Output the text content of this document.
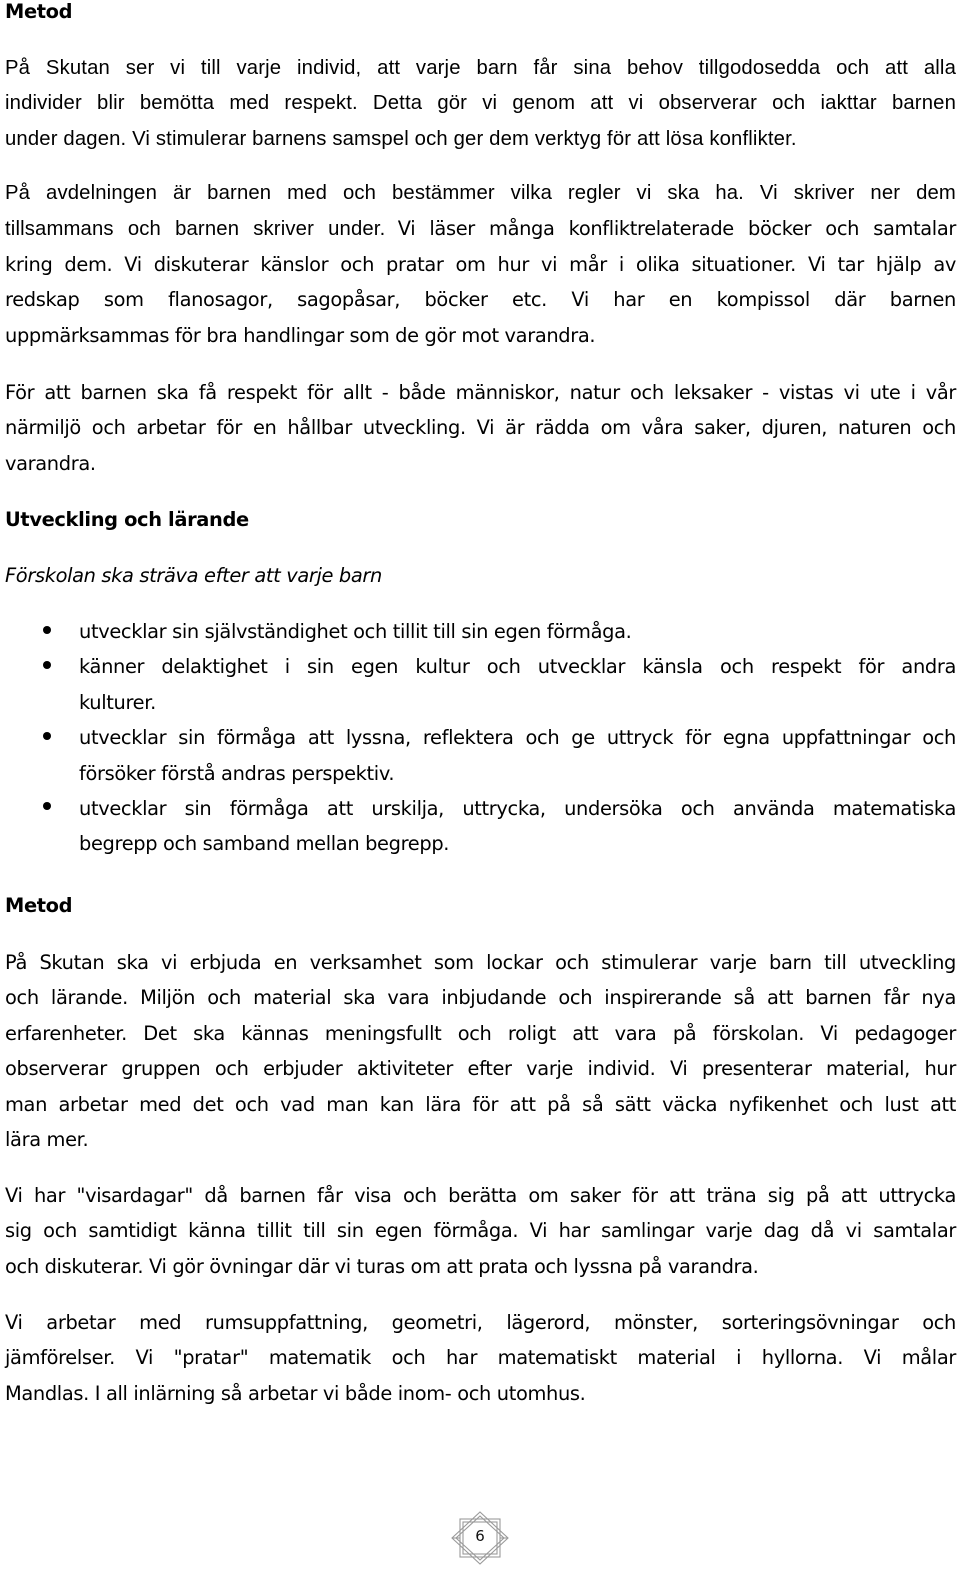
Metod
På Skutan ser vi till varje individ, att varje barn får sina behov tillgodosedda och att alla
individer blir bemötta med respekt. Detta gör vi genom att vi observerar och iakttar barnen
under dagen. Vi stimulerar barnens samspel och ger dem verktyg för att lösa konflikter.
På avdelningen är barnen med och bestämmer vilka regler vi ska ha. Vi skriver ner dem
tillsammans och barnen skriver under. Vi läser många konfliktrelaterade böcker och samtalar
kring dem. Vi diskuterar känslor och pratar om hur vi mår i olika situationer. Vi tar hjälp av
redskap som flanosagor, sagopåsar, böcker etc. Vi har en kompissol där barnen
uppmärksammas för bra handlingar som de gör mot varandra.
För att barnen ska få respekt för allt - både människor, natur och leksaker - vistas vi ute i vår
närmiljö och arbetar för en hållbar utveckling. Vi är rädda om våra saker, djuren, naturen och
varandra.
Utveckling och lärande
Förskolan ska sträva efter att varje barn
utvecklar sin självständighet och tillit till sin egen förmåga.
känner delaktighet i sin egen kultur och utvecklar känsla och respekt för andra
kulturer.
utvecklar sin förmåga att lyssna, reflektera och ge uttryck för egna uppfattningar och
försöker förstå andras perspektiv.
utvecklar sin förmåga att urskilja, uttrycka, undersöka och använda matematiska
begrepp och samband mellan begrepp.
Metod
På Skutan ska vi erbjuda en verksamhet som lockar och stimulerar varje barn till utveckling
och lärande. Miljön och material ska vara inbjudande och inspirerande så att barnen får nya
erfarenheter. Det ska kännas meningsfullt och roligt att vara på förskolan. Vi pedagoger
observerar gruppen och erbjuder aktiviteter efter varje individ. Vi presenterar material, hur
man arbetar med det och vad man kan lära för att på så sätt väcka nyfikenhet och lust att
lära mer.
Vi har "visardagar" då barnen får visa och berätta om saker för att träna sig på att uttrycka
sig och samtidigt känna tillit till sin egen förmåga. Vi har samlingar varje dag då vi samtalar
och diskuterar. Vi gör övningar där vi turas om att prata och lyssna på varandra.
Vi arbetar med rumsuppfattning, geometri, lägerord, mönster, sorteringsövningar och
jämförelser. Vi "pratar" matematik och har matematiskt material i hyllorna. Vi målar
Mandlas. I all inlärning så arbetar vi både inom- och utomhus.
6
